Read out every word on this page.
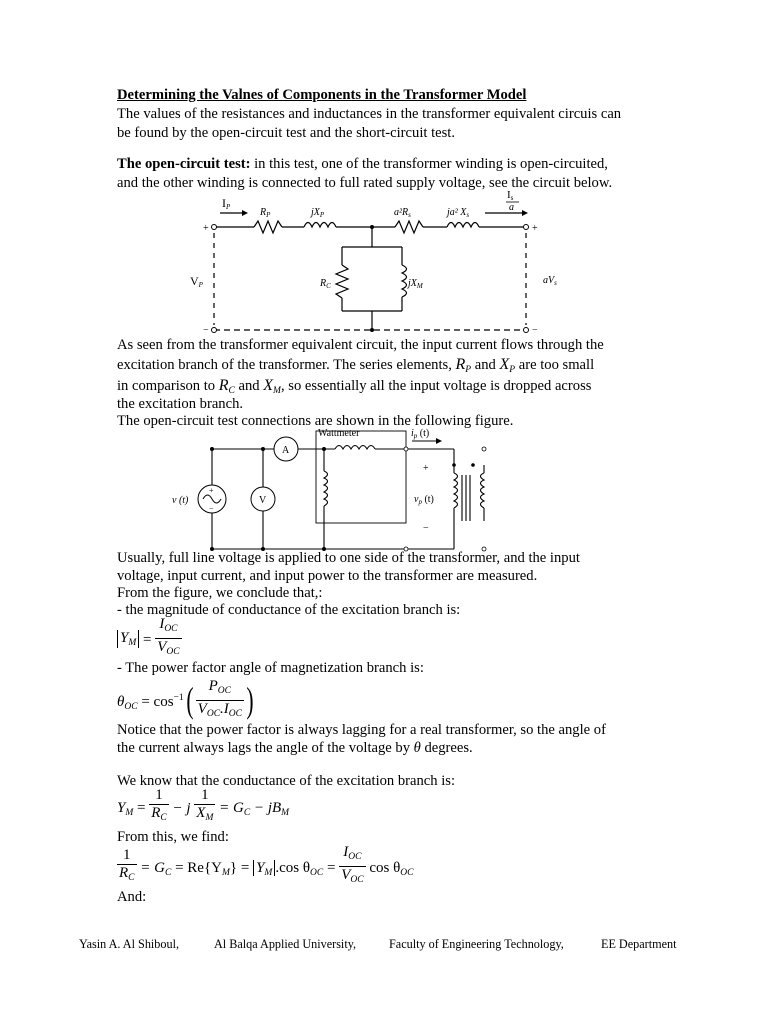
Determining the Valnes of Components in the Transformer Model
The values of the resistances and inductances in the transformer equivalent circuis can
be found by the open-circuit test and the short-circuit test.
The open-circuit test: in this test, one of the transformer winding is open-circuited,
and the other winding is connected to full rated supply voltage, see the circuit below.
$I_P$	$R_P$	$jX_P$	$a^2R_s$	ja² $X_s$
Is
a
VP	$R_C$	$jX_M$	$aV_s$
+	+
−	−
As seen from the transformer equivalent circuit, the input current flows through the
excitation branch of the transformer. The series elements, $R_P$ and $X_P$ are too small
in comparison to $R_C$ and $X_M$, so essentially all the input voltage is dropped across
the excitation branch.
The open-circuit test connections are shown in the following figure.
Wattmeter	$i_p$ (t)
v (t)
A
V	$v_p$ (t)
+
−
+
−
Usually, full line voltage is applied to one side of the transformer, and the input
voltage, input current, and input power to the transformer are measured.
From the figure, we conclude that,:
- the magnitude of conductance of the excitation branch is:
$Y_M = \frac{I_{OC}}{V_{OC}}$
- The power factor angle of magnetization branch is:
$\theta_{OC} = \cos^{-1}( \frac{P_{OC}}{V_{OC}.I_{OC}}$ )
Notice that the power factor is always lagging for a real transformer, so the angle of
the current always lags the angle of the voltage by θ degrees.
We know that the conductance of the excitation branch is:
$Y_M = \frac{1}{R_C} - j \frac{1}{X_M} = G_C - jB_M$
From this, we find:
$\frac{1}{R_C} = G_C = Re\{Y_M\} = Y_M$ .cos $\theta_{OC} = \frac{I_{OC}}{V_{OC}}$ $\cos \theta_{OC}$
And:
Yasin A. Al Shiboul,	Al Balqa Applied University,	Faculty of Engineering Technology,	EE Department
